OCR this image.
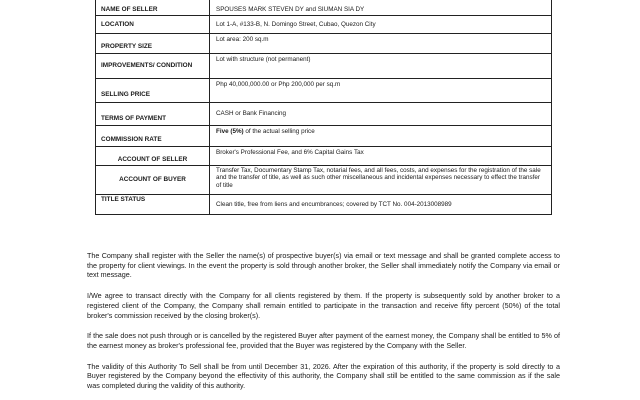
NAME OF SELLER	SPOUSES MARK STEVEN DY and SIUMAN SIA DY
LOCATION	Lot 1-A, #133-B, N. Domingo Street, Cubao, Quezon City
PROPERTY SIZE	Lot area: 200 sq.m
IMPROVEMENTS/ CONDITION	Lot with structure (not permanent)
SELLING PRICE	Php 40,000,000.00 or Php 200,000 per sq.m
TERMS OF PAYMENT	CASH or Bank Financing
COMMISSION RATE	Five (5%) of the actual selling price
ACCOUNT OF SELLER	Broker's Professional Fee, and 6% Capital Gains Tax
ACCOUNT OF BUYER	Transfer Tax, Documentary Stamp Tax, notarial fees, and all fees, costs, and expenses for the registration of the sale and the transfer of title, as well as such other miscellaneous and incidental expenses necessary to effect the transfer of title
TITLE STATUS	Clean title, free from liens and encumbrances; covered by TCT No. 004-2013008989

The Company shall register with the Seller the name(s) of prospective buyer(s) via email or text message and shall be granted complete access to the property for client viewings. In the event the property is sold through another broker, the Seller shall immediately notify the Company via email or text message.

I/We agree to transact directly with the Company for all clients registered by them. If the property is subsequently sold by another broker to a registered client of the Company, the Company shall remain entitled to participate in the transaction and receive fifty percent (50%) of the total broker's commission received by the closing broker(s).

If the sale does not push through or is cancelled by the registered Buyer after payment of the earnest money, the Company shall be entitled to 5% of the earnest money as broker's professional fee, provided that the Buyer was registered by the Company with the Seller.

The validity of this Authority To Sell shall be from until December 31, 2026. After the expiration of this authority, if the property is sold directly to a Buyer registered by the Company beyond the effectivity of this authority, the Company shall still be entitled to the same commission as if the sale was completed during the validity of this authority.
